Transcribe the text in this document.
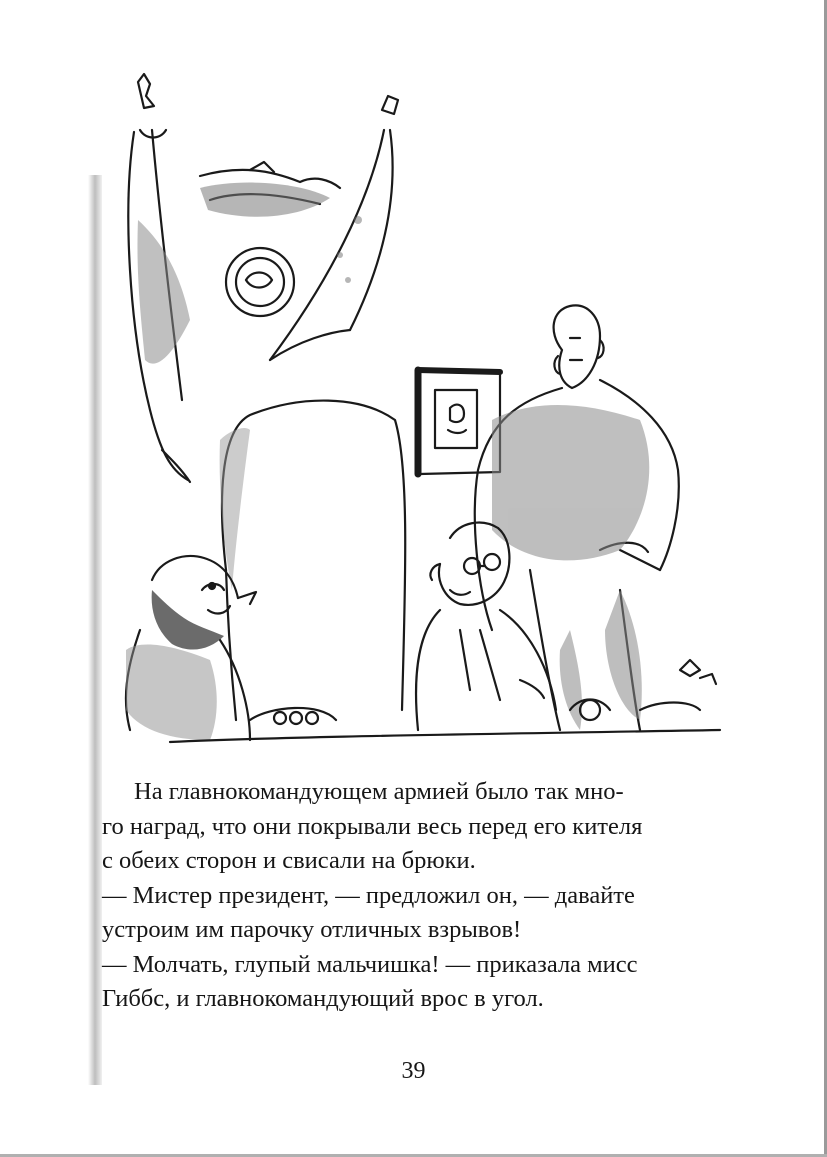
На главнокомандующем армией было так мно-

го наград, что они покрывали весь перед его кителя

с обеих сторон и свисали на брюки.

— Мистер президент, — предложил он, — давайте

устроим им парочку отличных взрывов!

— Молчать, глупый мальчишка! — приказала мисс

Гиббс, и главнокомандующий врос в угол.

39
